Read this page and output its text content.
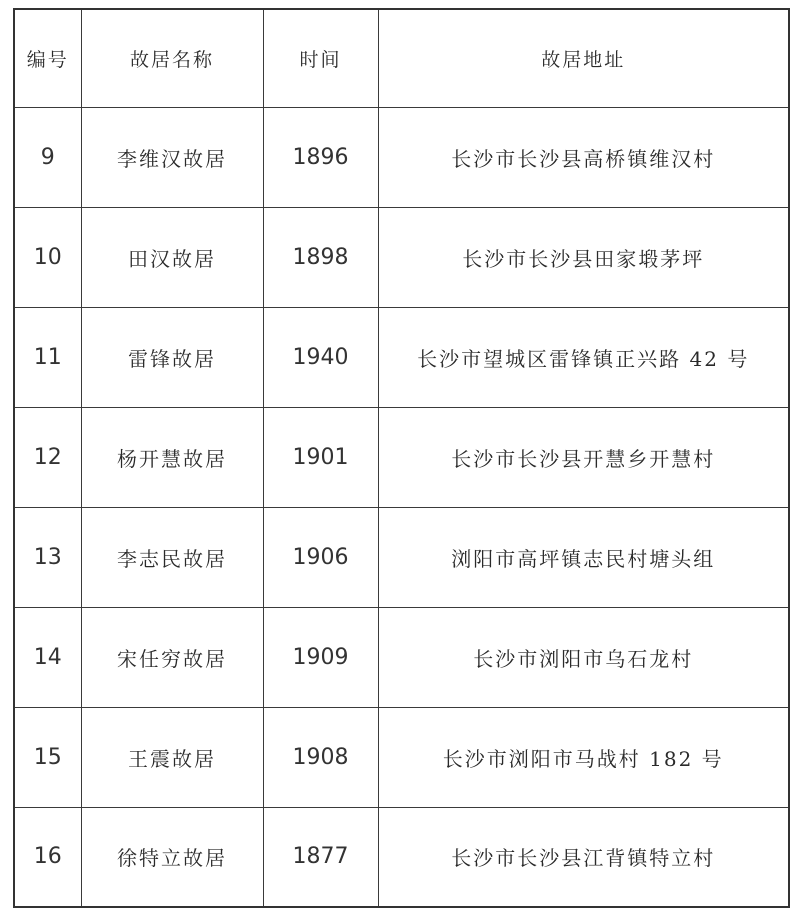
编号	故居名称	时间	故居地址
9	李维汉故居	1896	长沙市长沙县高桥镇维汉村
10	田汉故居	1898	长沙市长沙县田家塅茅坪
11	雷锋故居	1940	长沙市望城区雷锋镇正兴路 42 号
12	杨开慧故居	1901	长沙市长沙县开慧乡开慧村
13	李志民故居	1906	浏阳市高坪镇志民村塘头组
14	宋任穷故居	1909	长沙市浏阳市乌石龙村
15	王震故居	1908	长沙市浏阳市马战村 182 号
16	徐特立故居	1877	长沙市长沙县江背镇特立村
